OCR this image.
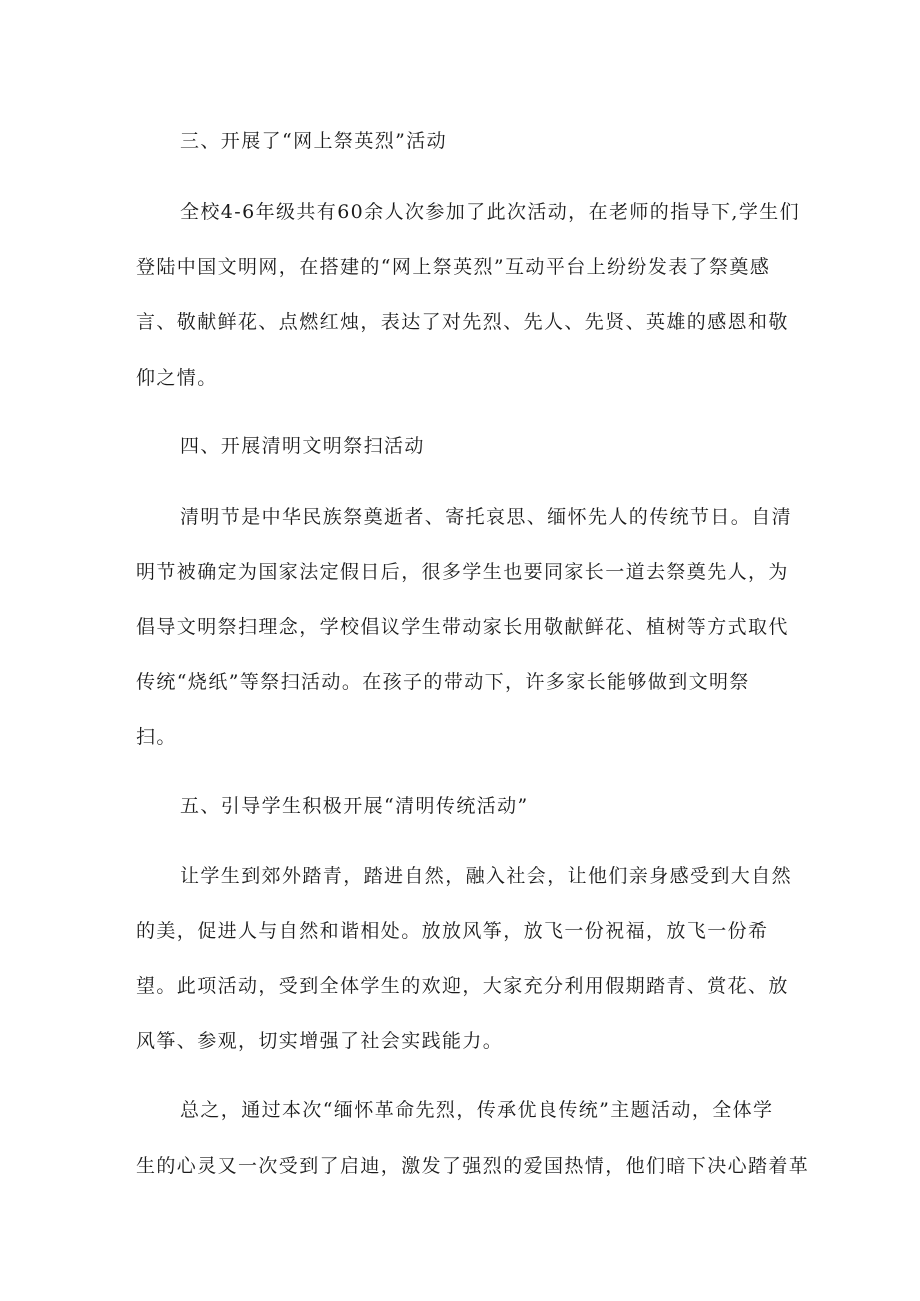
三、开展了“网上祭英烈”活动
全校4-6年级共有60余人次参加了此次活动，在老师的指导下,学生们
登陆中国文明网，在搭建的“网上祭英烈”互动平台上纷纷发表了祭奠感
言、敬献鲜花、点燃红烛，表达了对先烈、先人、先贤、英雄的感恩和敬
仰之情。
四、开展清明文明祭扫活动
清明节是中华民族祭奠逝者、寄托哀思、缅怀先人的传统节日。自清
明节被确定为国家法定假日后，很多学生也要同家长一道去祭奠先人，为
倡导文明祭扫理念，学校倡议学生带动家长用敬献鲜花、植树等方式取代
传统“烧纸”等祭扫活动。在孩子的带动下，许多家长能够做到文明祭
扫。
五、引导学生积极开展“清明传统活动”
让学生到郊外踏青，踏进自然，融入社会，让他们亲身感受到大自然
的美，促进人与自然和谐相处。放放风筝，放飞一份祝福，放飞一份希
望。此项活动，受到全体学生的欢迎，大家充分利用假期踏青、赏花、放
风筝、参观，切实增强了社会实践能力。
总之，通过本次“缅怀革命先烈，传承优良传统”主题活动，全体学
生的心灵又一次受到了启迪，激发了强烈的爱国热情，他们暗下决心踏着革
